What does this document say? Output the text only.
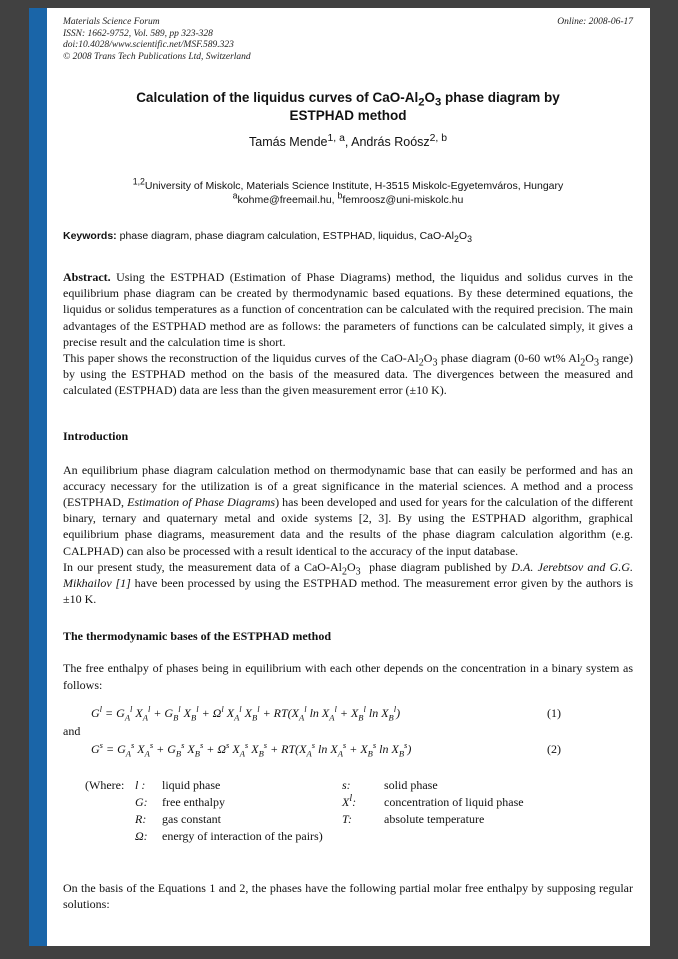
Materials Science Forum
ISSN: 1662-9752, Vol. 589, pp 323-328
doi:10.4028/www.scientific.net/MSF.589.323
© 2008 Trans Tech Publications Ltd, Switzerland
Online: 2008-06-17
Calculation of the liquidus curves of CaO-$Al_2O_3$ phase diagram by ESTPHAD method
Tamás Mende$^{1, a}$, András Roósz$^{2, b}$
$^{1,2}$University of Miskolc, Materials Science Institute, H-3515 Miskolc-Egyetemváros, Hungary
$^a$kohme@freemail.hu, $^b$femroosz@uni-miskolc.hu
Keywords: phase diagram, phase diagram calculation, ESTPHAD, liquidus, CaO-$Al_2O_3$

Abstract. Using the ESTPHAD (Estimation of Phase Diagrams) method, the liquidus and solidus curves in the equilibrium phase diagram can be created by thermodynamic based equations. By these determined equations, the liquidus or solidus temperatures as a function of concentration can be calculated with the required precision. The main advantages of the ESTPHAD method are as follows: the parameters of functions can be calculated simply, it gives a precise result and the calculation time is short.

This paper shows the reconstruction of the liquidus curves of the CaO-$Al_2O_3$ phase diagram (0-60 wt% $Al_2O_3$ range) by using the ESTPHAD method on the basis of the measured data. The divergences between the measured and calculated (ESTPHAD) data are less than the given measurement error (±10 K).

Introduction

An equilibrium phase diagram calculation method on thermodynamic base that can easily be performed and has an accuracy necessary for the utilization is of a great significance in the material sciences. A method and a process (ESTPHAD, Estimation of Phase Diagrams) has been developed and used for years for the calculation of the different binary, ternary and quaternary metal and oxide systems [2, 3]. By using the ESTPHAD algorithm, graphical equilibrium phase diagrams, measurement data and the results of the phase diagram calculation algorithm (e.g. CALPHAD) can also be processed with a result identical to the accuracy of the input database.

In our present study, the measurement data of a CaO-$Al_2O_3$  phase diagram published by D.A. Jerebtsov and G.G. Mikhailov [1] have been processed by using the ESTPHAD method. The measurement error given by the authors is ±10 K.

The thermodynamic bases of the ESTPHAD method

The free enthalpy of phases being in equilibrium with each other depends on the concentration in a binary system as follows:

$G^l = G_A^l$ $X_A^l + G_B^l$ $X_B^l + \Omega^l$ $X_A^l$ $X_B^l + RT(X_A^l$ $\ln X_A^l + X_B^l$ $\ln X_B^l$)	(1)
and
$G^s = G_A^s$ $X_A^s + G_B^s$ $X_B^s + \Omega^s$ $X_A^s$ $X_B^s + RT(X_A^s$ $\ln X_A^s + X_B^s$ $\ln X_B^s$)	(2)
(Where: l :	liquid phase	s:	solid phase
G:	free enthalpy	$X^l$:	concentration of liquid phase
R:	gas constant	T:	absolute temperature
Ω:	energy of interaction of the pairs)

On the basis of the Equations 1 and 2, the phases have the following partial molar free enthalpy by supposing regular solutions:
